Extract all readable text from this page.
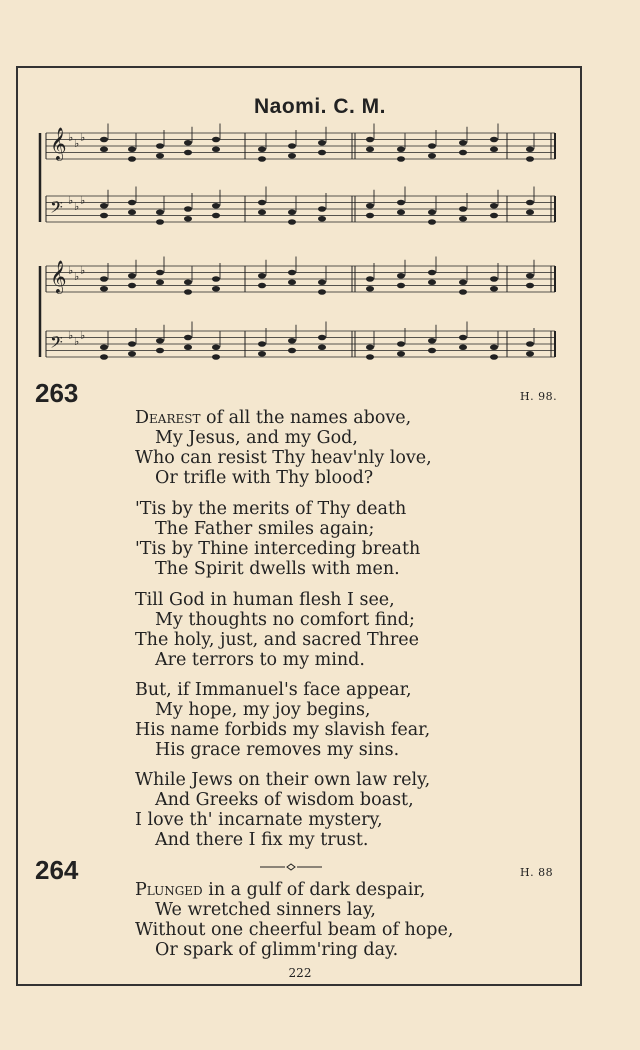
Naomi. C. M.
𝄞 ♭ ♭ ♭
𝄢 ♭ ♭ ♭
𝄞 ♭ ♭ ♭
𝄢 ♭ ♭ ♭
263	H. 98.
Dearest of all the names above,
My Jesus, and my God,
Who can resist Thy heav'nly love,
Or trifle with Thy blood?
'Tis by the merits of Thy death
The Father smiles again;
'Tis by Thine interceding breath
The Spirit dwells with men.
Till God in human flesh I see,
My thoughts no comfort find;
The holy, just, and sacred Three
Are terrors to my mind.
But, if Immanuel's face appear,
My hope, my joy begins,
His name forbids my slavish fear,
His grace removes my sins.
While Jews on their own law rely,
And Greeks of wisdom boast,
I love th' incarnate mystery,
And there I fix my trust.
264	H. 88
Plunged in a gulf of dark despair,
We wretched sinners lay,
Without one cheerful beam of hope,
Or spark of glimm'ring day.
222
